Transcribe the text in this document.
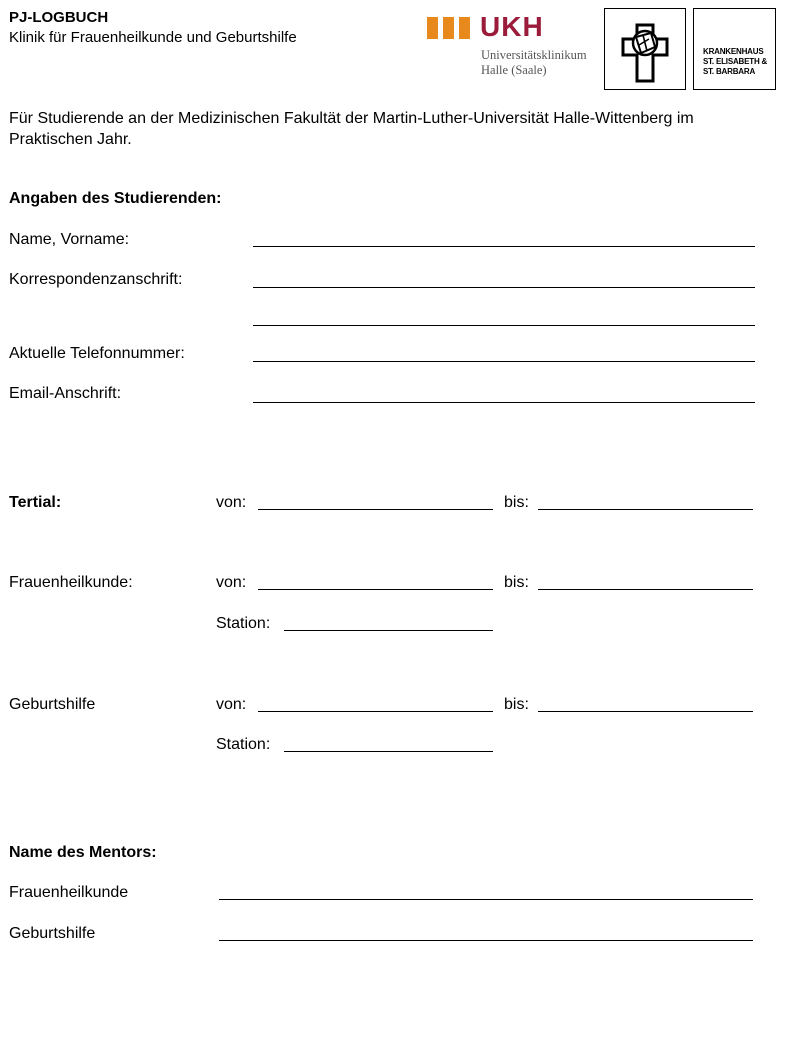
PJ-LOGBUCH
Klinik für Frauenheilkunde und Geburtshilfe	UKH
Universitätsklinikum
Halle (Saale)
KRANKENHAUS
ST. ELISABETH &
ST. BARBARA
Für Studierende an der Medizinischen Fakultät der Martin-Luther-Universität Halle-Wittenberg im Praktischen Jahr.
Angaben des Studierenden:
Name, Vorname:
Korrespondenzanschrift:
Aktuelle Telefonnummer:
Email-Anschrift:
Tertial:	von:	bis:
Frauenheilkunde:	von:	bis:
Station:
Geburtshilfe	von:	bis:
Station:
Name des Mentors:
Frauenheilkunde
Geburtshilfe
